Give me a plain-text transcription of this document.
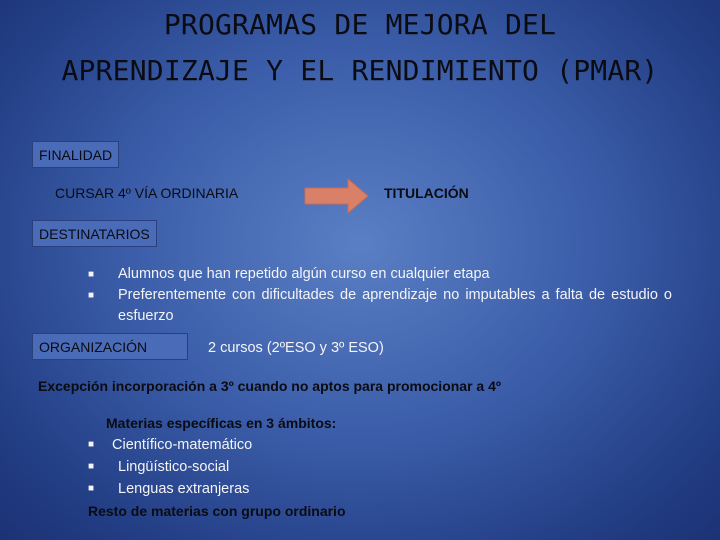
PROGRAMAS DE MEJORA DEL
APRENDIZAJE Y EL RENDIMIENTO (PMAR)
FINALIDAD
CURSAR 4º VÍA ORDINARIA	TITULACIÓN
DESTINATARIOS
■	Alumnos que han repetido algún curso en cualquier etapa
■	Preferentemente con dificultades de aprendizaje no imputables a falta de estudio o esfuerzo
ORGANIZACIÓN	2 cursos (2ºESO y 3º ESO)
Excepción incorporación a 3º cuando no aptos para promocionar a 4º
Materias específicas en 3 ámbitos:
■	Científico-matemático
■	Lingüístico-social
■	Lenguas extranjeras
Resto de materias con grupo ordinario
